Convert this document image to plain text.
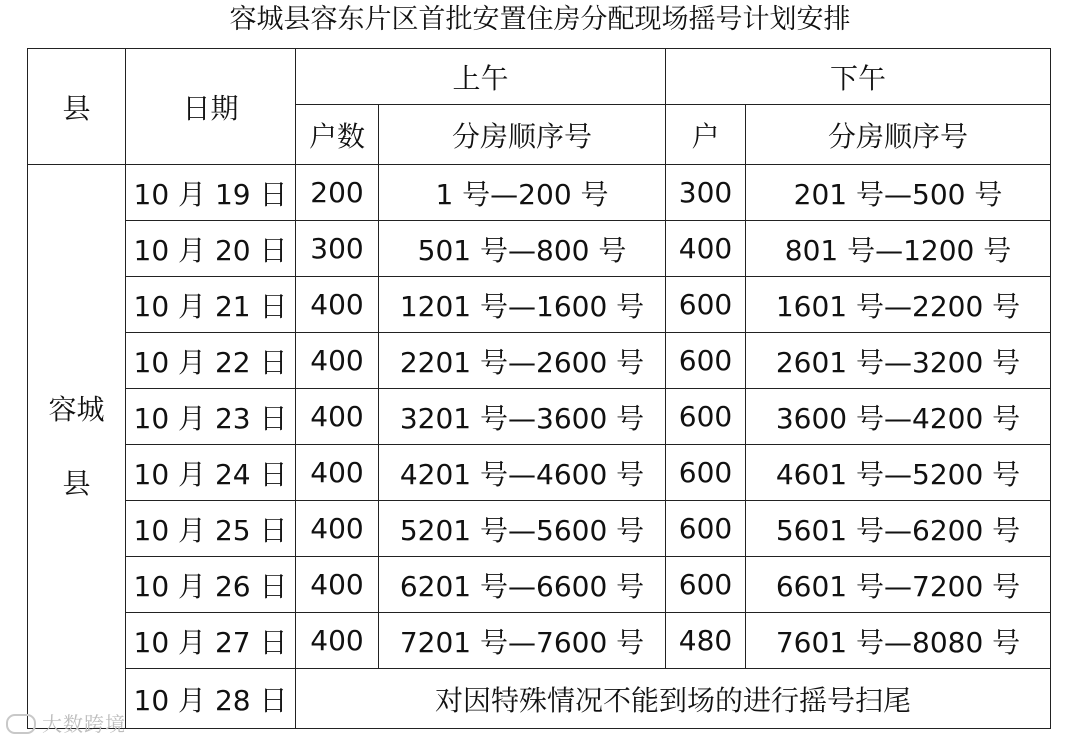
容城县容东片区首批安置住房分配现场摇号计划安排
县	日期	上午		下午	
		户数	分房顺序号	户	分房顺序号

容城
县	10 月 19 日	200	1 号—200 号	300	201 号—500 号
	10 月 20 日	300	501 号—800 号	400	801 号—1200 号
	10 月 21 日	400	1201 号—1600 号	600	1601 号—2200 号
	10 月 22 日	400	2201 号—2600 号	600	2601 号—3200 号
	10 月 23 日	400	3201 号—3600 号	600	3600 号—4200 号
	10 月 24 日	400	4201 号—4600 号	600	4601 号—5200 号
	10 月 25 日	400	5201 号—5600 号	600	5601 号—6200 号
	10 月 26 日	400	6201 号—6600 号	600	6601 号—7200 号
	10 月 27 日	400	7201 号—7600 号	480	7601 号—8080 号
	10 月 28 日	对因特殊情况不能到场的进行摇号扫尾			
大数跨境
